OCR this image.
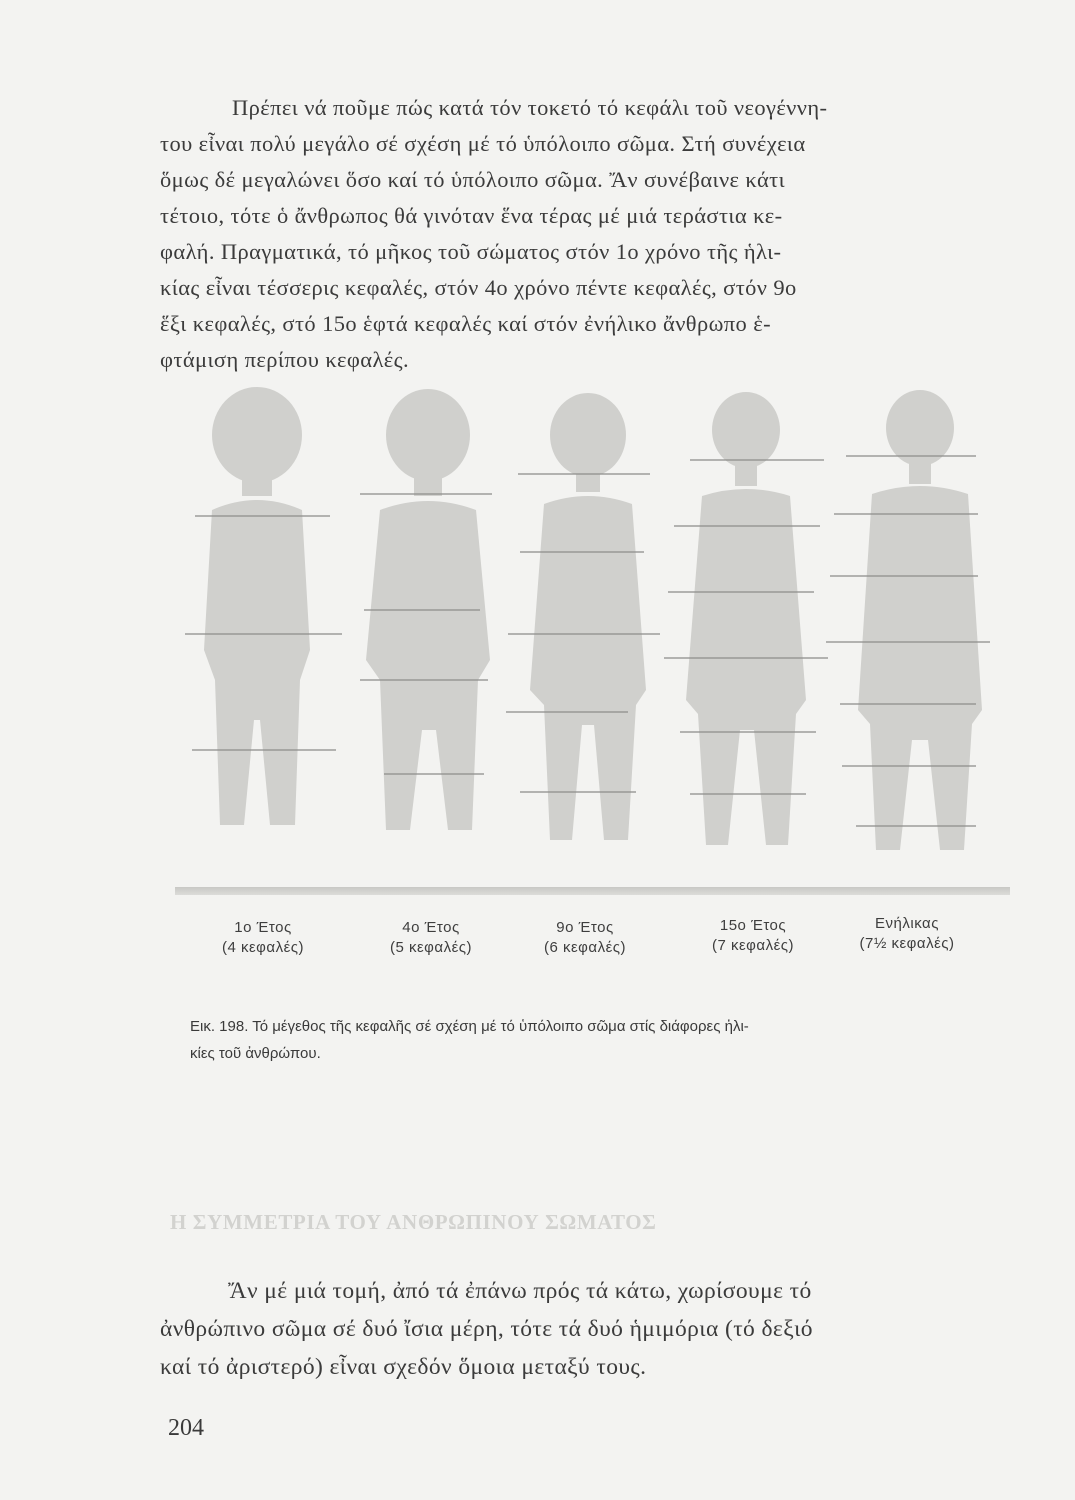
Πρέπει νά ποῦμε πώς κατά τόν τοκετό τό κεφάλι τοῦ νεογέννη-
του εἶναι πολύ μεγάλο σέ σχέση μέ τό ὑπόλοιπο σῶμα. Στή συνέχεια
ὅμως δέ μεγαλώνει ὅσο καί τό ὑπόλοιπο σῶμα. Ἄν συνέβαινε κάτι
τέτοιο, τότε ὁ ἄνθρωπος θά γινόταν ἕνα τέρας μέ μιά τεράστια κε-
φαλή. Πραγματικά, τό μῆκος τοῦ σώματος στόν 1ο χρόνο τῆς ἡλι-
κίας εἶναι τέσσερις κεφαλές, στόν 4ο χρόνο πέντε κεφαλές, στόν 9ο
ἕξι κεφαλές, στό 15ο ἑφτά κεφαλές καί στόν ἐνήλικο ἄνθρωπο ἑ-
φτάμιση περίπου κεφαλές.
1ο Έτος
(4 κεφαλές)
4ο Έτος
(5 κεφαλές)
9ο Έτος
(6 κεφαλές)
15ο Έτος
(7 κεφαλές)
Ενήλικας
(7½ κεφαλές)
Εικ. 198. Τό μέγεθος τῆς κεφαλῆς σέ σχέση μέ τό ὑπόλοιπο σῶμα στίς διάφορες ἡλι-
κίες τοῦ ἀνθρώπου.
Η ΣΥΜΜΕΤΡΙΑ ΤΟΥ ΑΝΘΡΩΠΙΝΟΥ ΣΩΜΑΤΟΣ
Ἄν μέ μιά τομή, ἀπό τά ἐπάνω πρός τά κάτω, χωρίσουμε τό
ἀνθρώπινο σῶμα σέ δυό ἴσια μέρη, τότε τά δυό ἡμιμόρια (τό δεξιό
καί τό ἀριστερό) εἶναι σχεδόν ὅμοια μεταξύ τους.
204
